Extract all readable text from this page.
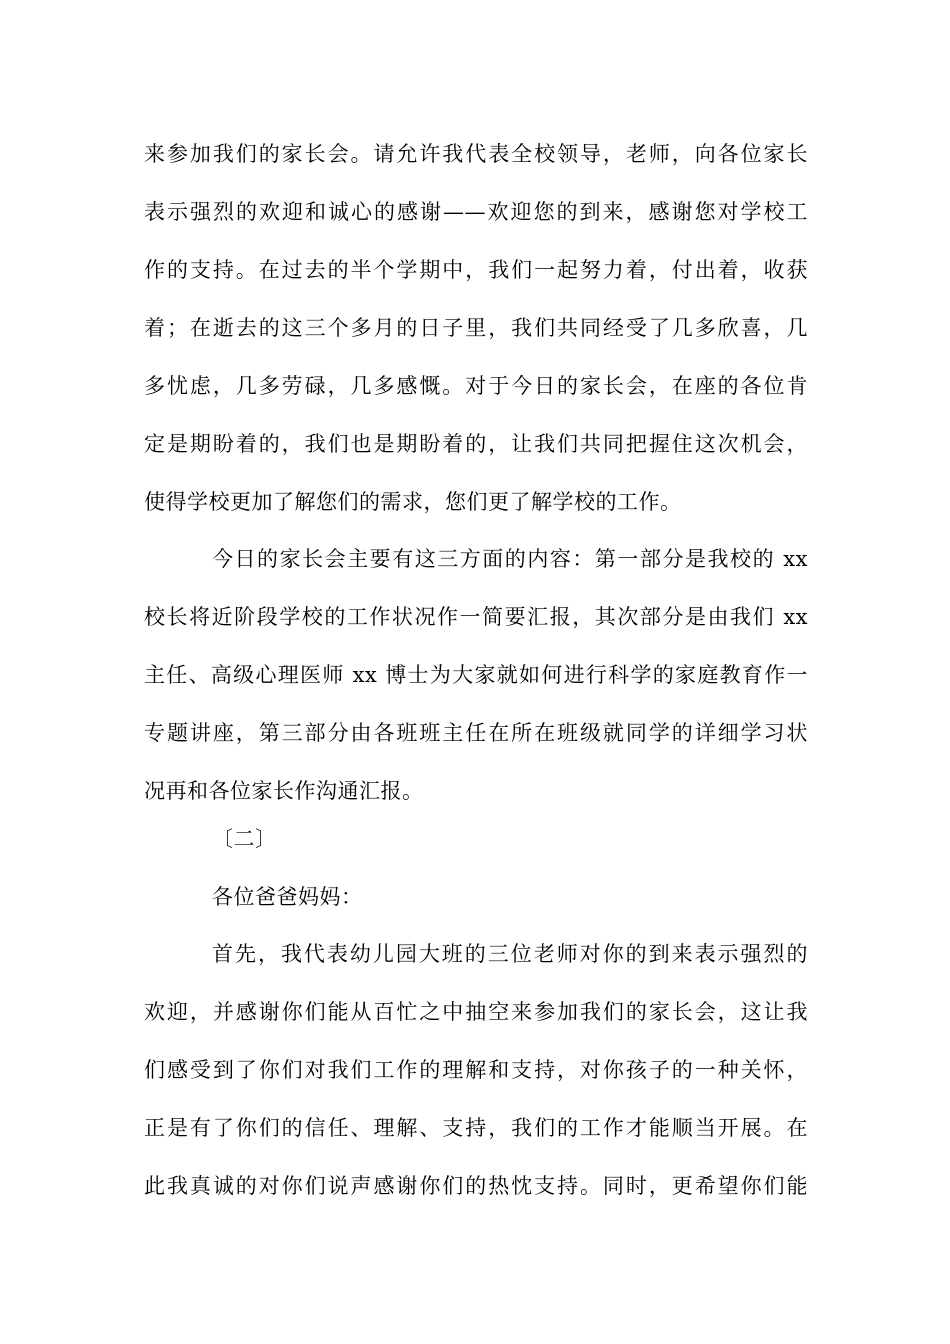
来参加我们的家长会。请允许我代表全校领导，老师，向各位家长
表示强烈的欢迎和诚心的感谢——欢迎您的到来，感谢您对学校工
作的支持。在过去的半个学期中，我们一起努力着，付出着，收获
着；在逝去的这三个多月的日子里，我们共同经受了几多欣喜，几
多忧虑，几多劳碌，几多感慨。对于今日的家长会，在座的各位肯
定是期盼着的，我们也是期盼着的，让我们共同把握住这次机会，
使得学校更加了解您们的需求，您们更了解学校的工作。
今日的家长会主要有这三方面的内容：第一部分是我校的 xx
校长将近阶段学校的工作状况作一简要汇报，其次部分是由我们 xx
主任、高级心理医师 xx 博士为大家就如何进行科学的家庭教育作一
专题讲座，第三部分由各班班主任在所在班级就同学的详细学习状
况再和各位家长作沟通汇报。
〔二〕
各位爸爸妈妈：
首先，我代表幼儿园大班的三位老师对你的到来表示强烈的
欢迎，并感谢你们能从百忙之中抽空来参加我们的家长会，这让我
们感受到了你们对我们工作的理解和支持，对你孩子的一种关怀，
正是有了你们的信任、理解、支持，我们的工作才能顺当开展。在
此我真诚的对你们说声感谢你们的热忱支持。同时，更希望你们能
